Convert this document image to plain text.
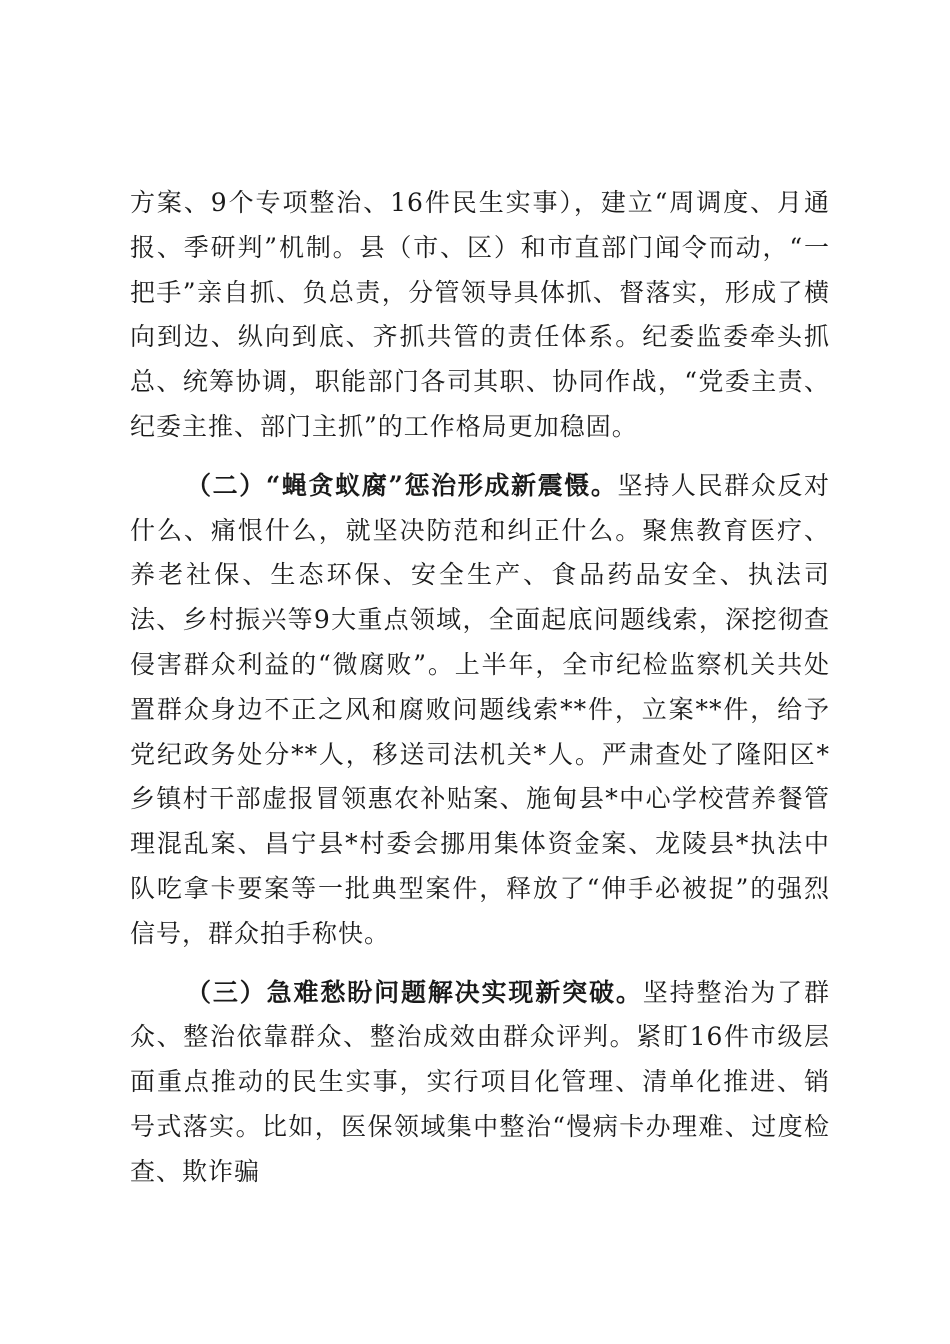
方案、9个专项整治、16件民生实事），建立“周调度、月通报、季研判”机制。县（市、区）和市直部门闻令而动，“一把手”亲自抓、负总责，分管领导具体抓、督落实，形成了横向到边、纵向到底、齐抓共管的责任体系。纪委监委牵头抓总、统筹协调，职能部门各司其职、协同作战，“党委主责、纪委主推、部门主抓”的工作格局更加稳固。

（二）“蝇贪蚁腐”惩治形成新震慑。坚持人民群众反对什么、痛恨什么，就坚决防范和纠正什么。聚焦教育医疗、养老社保、生态环保、安全生产、食品药品安全、执法司法、乡村振兴等9大重点领域，全面起底问题线索，深挖彻查侵害群众利益的“微腐败”。上半年，全市纪检监察机关共处置群众身边不正之风和腐败问题线索**件，立案**件，给予党纪政务处分**人，移送司法机关*人。严肃查处了隆阳区*乡镇村干部虚报冒领惠农补贴案、施甸县*中心学校营养餐管理混乱案、昌宁县*村委会挪用集体资金案、龙陵县*执法中队吃拿卡要案等一批典型案件，释放了“伸手必被捉”的强烈信号，群众拍手称快。

（三）急难愁盼问题解决实现新突破。坚持整治为了群众、整治依靠群众、整治成效由群众评判。紧盯16件市级层面重点推动的民生实事，实行项目化管理、清单化推进、销号式落实。比如，医保领域集中整治“慢病卡办理难、过度检查、欺诈骗
